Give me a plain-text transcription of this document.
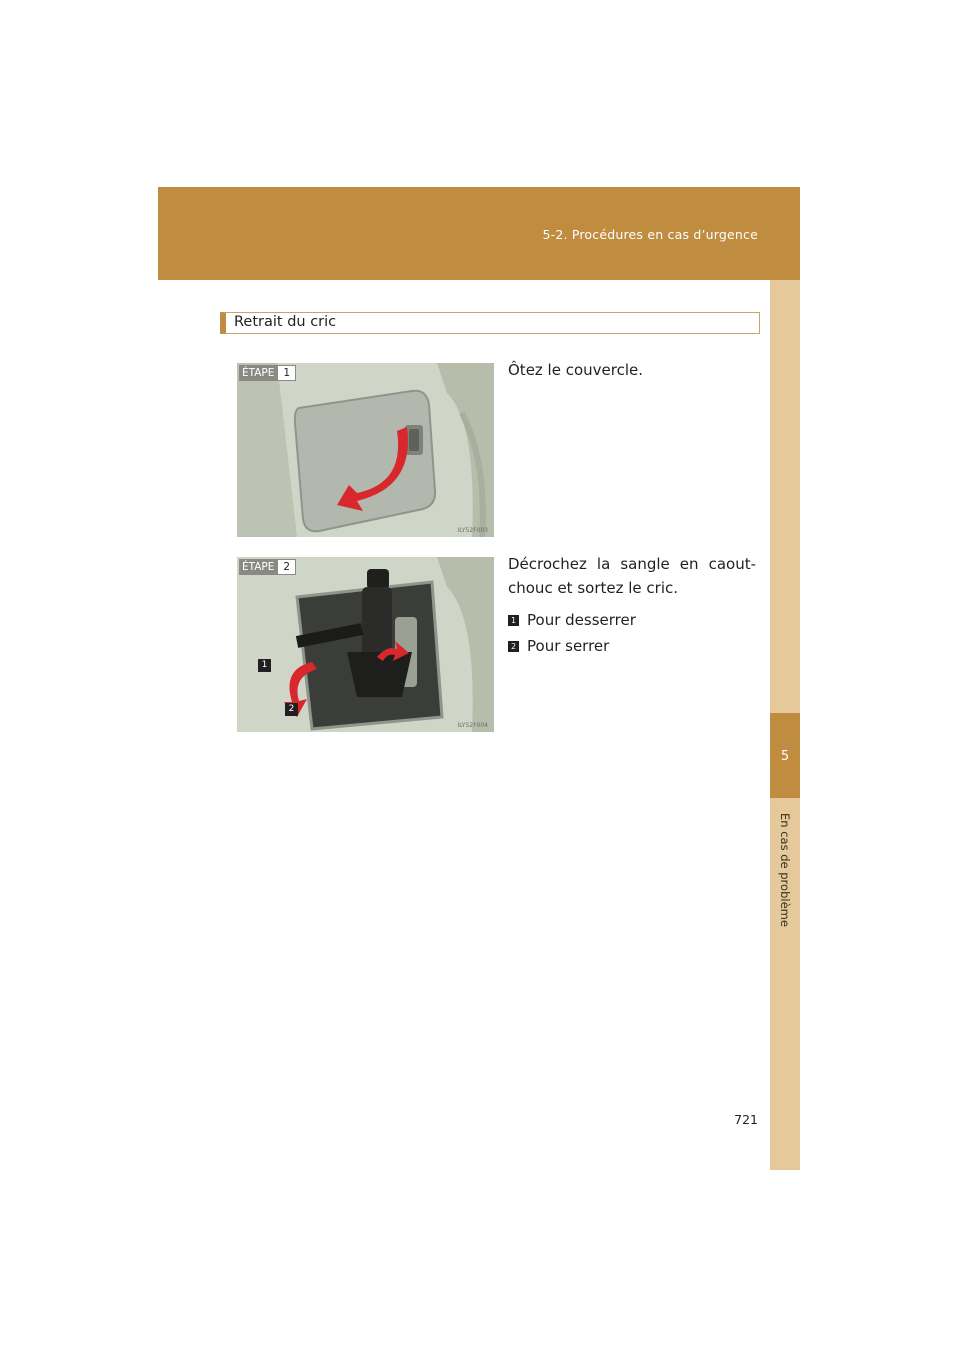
5-2. Procédures en cas d’urgence
5
En cas de problème
Retrait du cric
ÉTAPE 1
ILY52F003
Ôtez le couvercle.
ÉTAPE 2
1
2
ILY52F004
Décrochez la sangle en caout-chouc et sortez le cric.
1 Pour desserrer
2 Pour serrer
721
